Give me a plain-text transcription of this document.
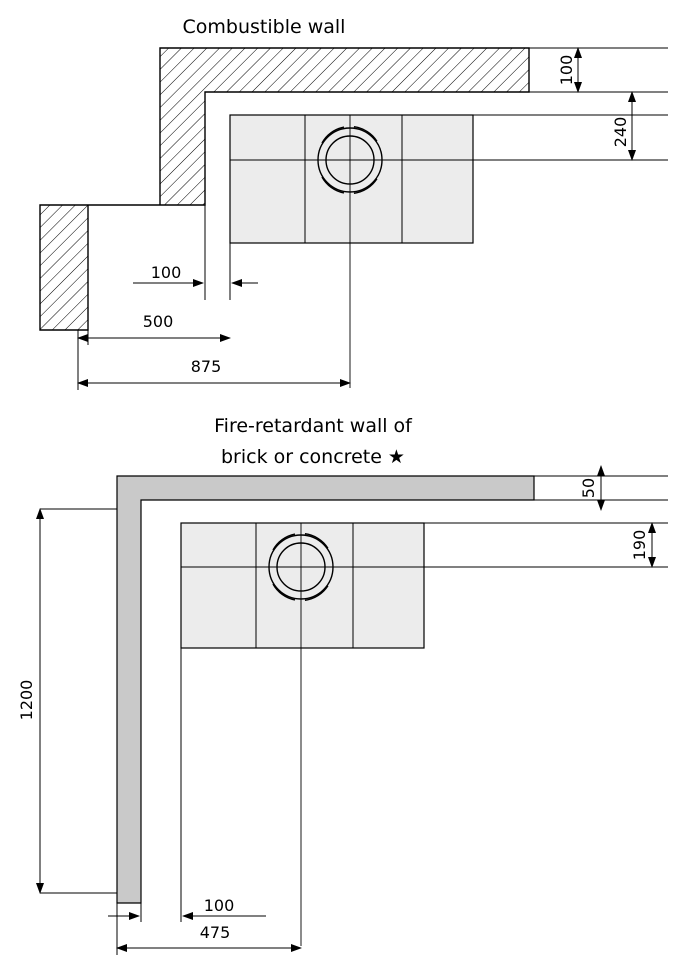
100
240
100
500
875
Combustible wall
Fire-retardant wall of
brick or concrete ★
50
190
1200
100
475
